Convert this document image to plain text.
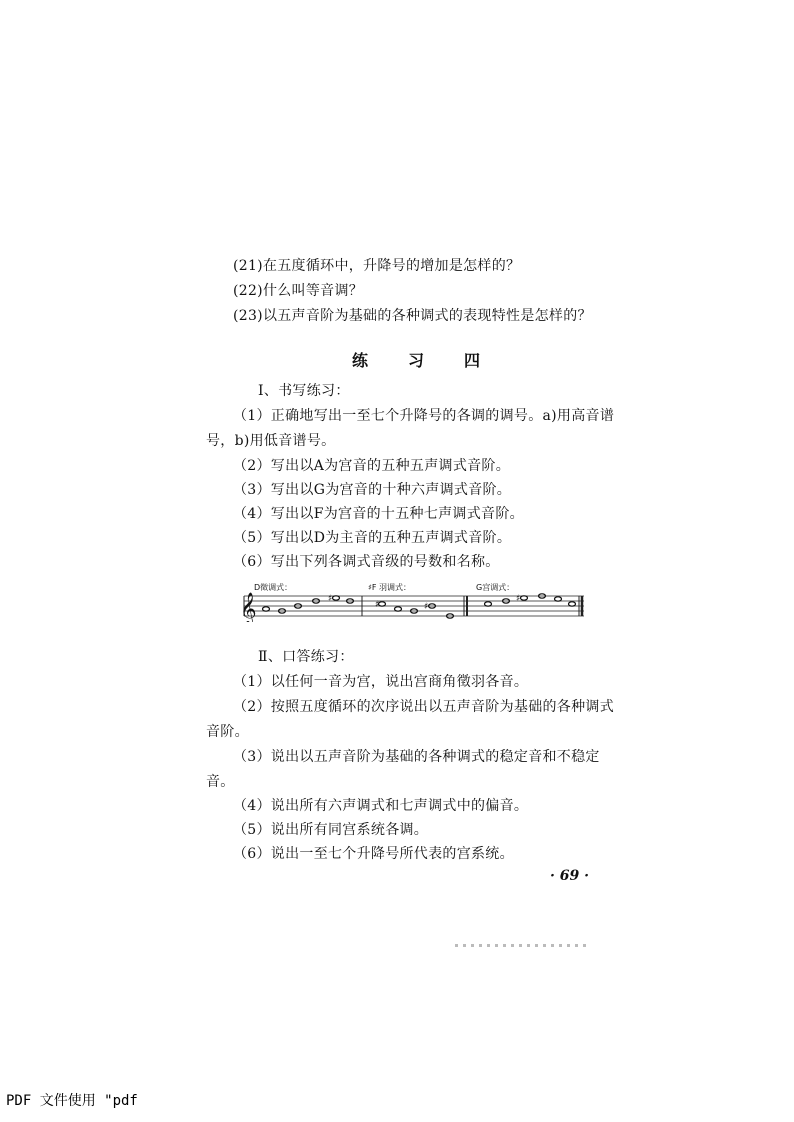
(21)在五度循环中，升降号的增加是怎样的？
(22)什么叫等音调？
(23)以五声音阶为基础的各种调式的表现特性是怎样的？
练	习	四
Ⅰ、书写练习：
（1）正确地写出一至七个升降号的各调的调号。a)用高音谱
号，b)用低音谱号。
（2）写出以A为宫音的五种五声调式音阶。
（3）写出以G为宫音的十种六声调式音阶。
（4）写出以F为宫音的十五种七声调式音阶。
（5）写出以D为主音的五种五声调式音阶。
（6）写出下列各调式音级的号数和名称。
𝄞	♯
♯	♯
♯
D徵调式：	♯F 羽调式：	G宫调式：
Ⅱ、口答练习：
（1）以任何一音为宫，说出宫商角徵羽各音。
（2）按照五度循环的次序说出以五声音阶为基础的各种调式
音阶。
（3）说出以五声音阶为基础的各种调式的稳定音和不稳定
音。
（4）说出所有六声调式和七声调式中的偏音。
（5）说出所有同宫系统各调。
（6）说出一至七个升降号所代表的宫系统。
· 69 ·
PDF 文件使用 "pdf
